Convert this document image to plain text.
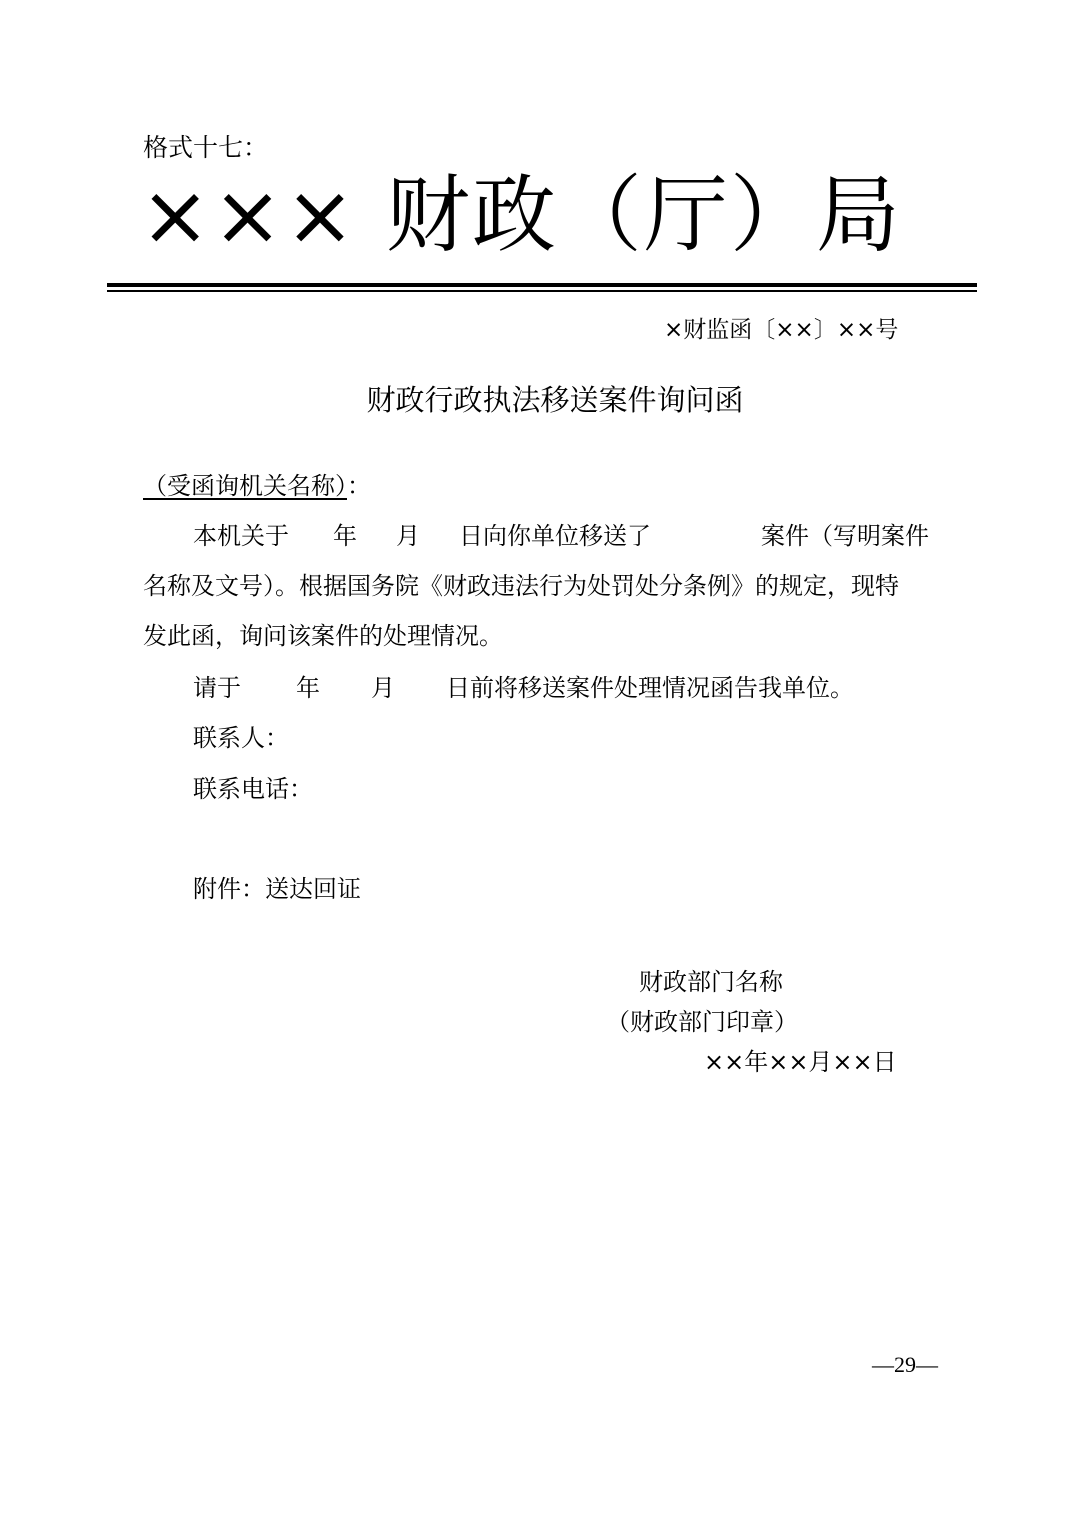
格式十七：
××× 财政（厅）局
×财监函〔××〕××号
财政行政执法移送案件询问函
（受函询机关名称）：
本机关于 年 月 日向你单位移送了	案件（写明案件
名称及文号）。根据国务院《财政违法行为处罚处分条例》的规定，现特
发此函，询问该案件的处理情况。
请于 年 月 日前将移送案件处理情况函告我单位。
联系人：
联系电话：
附件：送达回证
财政部门名称
（财政部门印章）
××年××月××日
—29—
